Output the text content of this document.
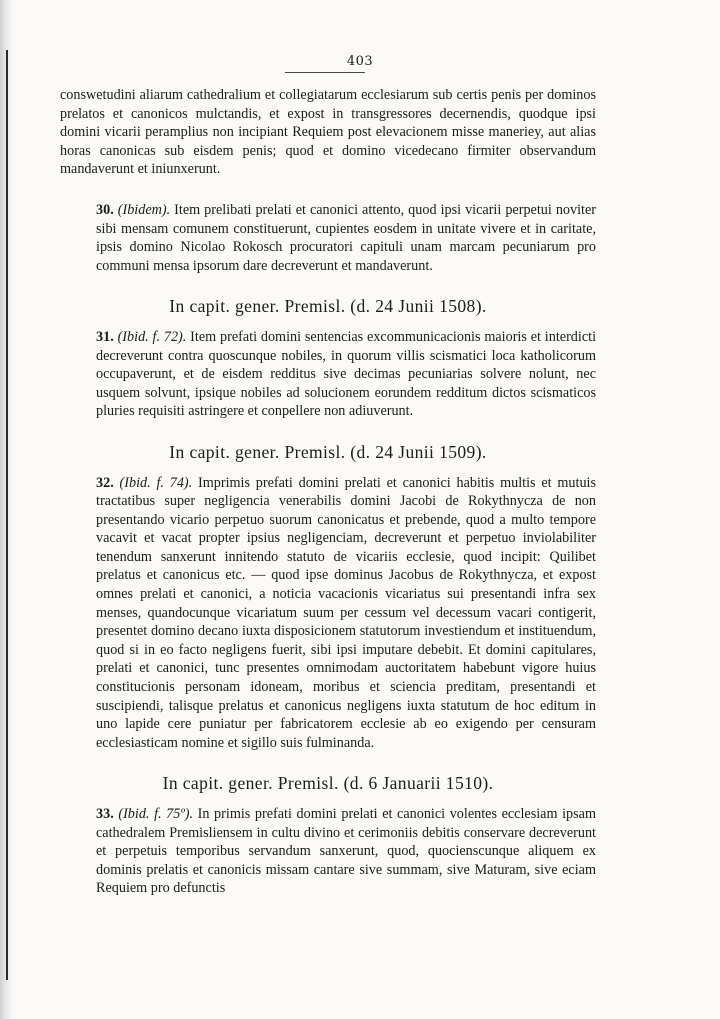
403

conswetudini aliarum cathedralium et collegiatarum ecclesiarum sub certis penis per dominos prelatos et canonicos mulctandis, et expost in transgressores decernendis, quodque ipsi domini vicarii peramplius non incipiant Requiem post elevacionem misse maneriey, aut alias horas canonicas sub eisdem penis; quod et domino vicedecano firmiter observandum mandaverunt et iniunxerunt.

30. (Ibidem). Item prelibati prelati et canonici attento, quod ipsi vicarii perpetui noviter sibi mensam comunem constituerunt, cupientes eosdem in unitate vivere et in caritate, ipsis domino Nicolao Rokosch procuratori capituli unam marcam pecuniarum pro communi mensa ipsorum dare decreverunt et mandaverunt.

In capit. gener. Premisl. (d. 24 Junii 1508).

31. (Ibid. f. 72). Item prefati domini sentencias excommunicacionis maioris et interdicti decreverunt contra quoscunque nobiles, in quorum villis scismatici loca katholicorum occupaverunt, et de eisdem redditus sive decimas pecuniarias solvere nolunt, nec usquem solvunt, ipsique nobiles ad solucionem eorundem redditum dictos scismaticos pluries requisiti astringere et conpellere non adiuverunt.

In capit. gener. Premisl. (d. 24 Junii 1509).

32. (Ibid. f. 74). Imprimis prefati domini prelati et canonici habitis multis et mutuis tractatibus super negligencia venerabilis domini Jacobi de Rokythnycza de non presentando vicario perpetuo suorum canonicatus et prebende, quod a multo tempore vacavit et vacat propter ipsius negligenciam, decreverunt et perpetuo inviolabiliter tenendum sanxerunt innitendo statuto de vicariis ecclesie, quod incipit: Quilibet prelatus et canonicus etc. — quod ipse dominus Jacobus de Rokythnycza, et expost omnes prelati et canonici, a noticia vacacionis vicariatus sui presentandi infra sex menses, quandocunque vicariatum suum per cessum vel decessum vacari contigerit, presentet domino decano iuxta disposicionem statutorum investiendum et instituendum, quod si in eo facto negligens fuerit, sibi ipsi imputare debebit. Et domini capitulares, prelati et canonici, tunc presentes omnimodam auctoritatem habebunt vigore huius constitucionis personam idoneam, moribus et sciencia preditam, presentandi et suscipiendi, talisque prelatus et canonicus negligens iuxta statutum de hoc editum in uno lapide cere puniatur per fabricatorem ecclesie ab eo exigendo per censuram ecclesiasticam nomine et sigillo suis fulminanda.

In capit. gener. Premisl. (d. 6 Januarii 1510).

33. (Ibid. f. 75º). In primis prefati domini prelati et canonici volentes ecclesiam ipsam cathedralem Premisliensem in cultu divino et cerimoniis debitis conservare decreverunt et perpetuis temporibus servandum sanxerunt, quod, quocienscunque aliquem ex dominis prelatis et canonicis missam cantare sive summam, sive Maturam, sive eciam Requiem pro defunctis
